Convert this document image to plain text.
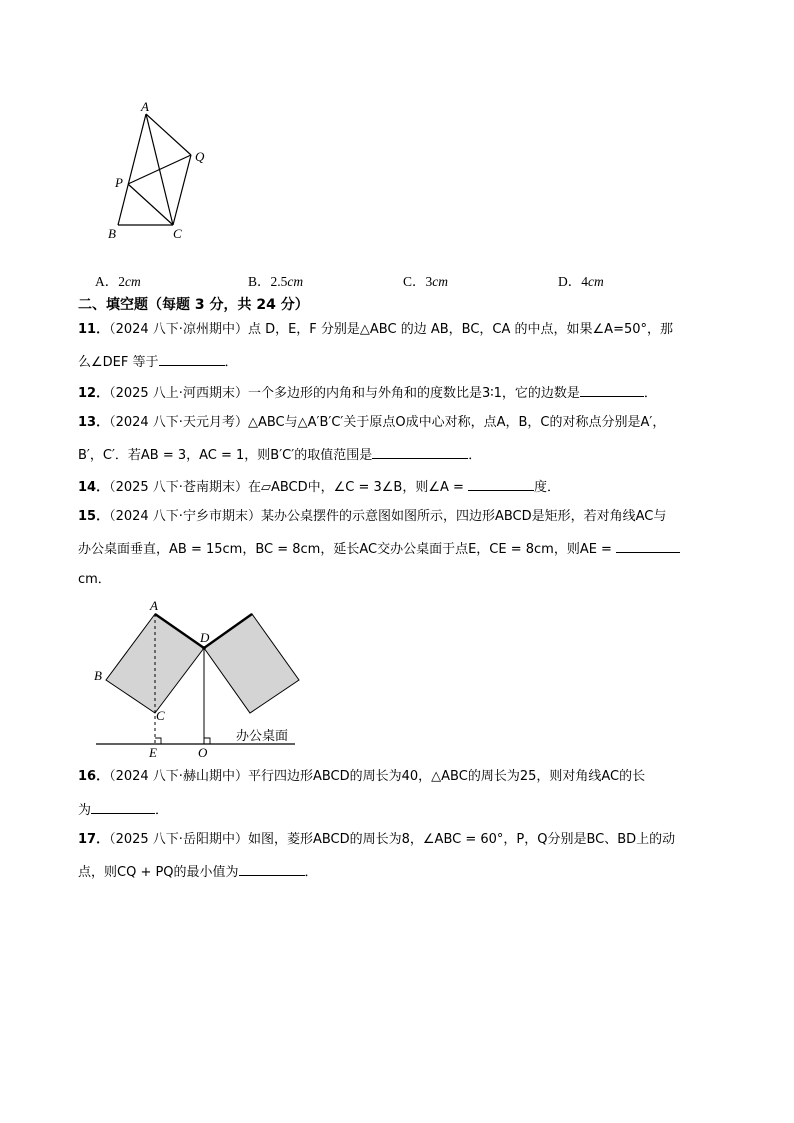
A
Q
P
B	C
A．2cm	B．2.5cm	C．3cm	D．4cm
二、填空题（每题 3 分，共 24 分）
11．（2024 八下·凉州期中）点 D，E，F 分别是△ABC 的边 AB，BC，CA 的中点，如果∠A=50°，那
么∠DEF 等于	．
12．（2025 八上·河西期末）一个多边形的内角和与外角和的度数比是3∶1，它的边数是	．
13．（2024 八下·天元月考）△ABC与△A′B′C′关于原点O成中心对称，点A，B，C的对称点分别是A′，
B′，C′．若AB = 3，AC = 1，则B′C′的取值范围是	．
14．（2025 八下·苍南期末）在▱ABCD中，∠C = 3∠B，则∠A =	度．
15．（2024 八下·宁乡市期末）某办公桌摆件的示意图如图所示，四边形ABCD是矩形，若对角线AC与
办公桌面垂直，AB = 15cm，BC = 8cm，延长AC交办公桌面于点E，CE = 8cm，则AE =
cm．
A
D
B
C
E	O
办公桌面
16．（2024 八下·赫山期中）平行四边形ABCD的周长为40，△ABC的周长为25，则对角线AC的长
为	．
17．（2025 八下·岳阳期中）如图，菱形ABCD的周长为8，∠ABC = 60°，P，Q分别是BC、BD上的动
点，则CQ + PQ的最小值为	．
